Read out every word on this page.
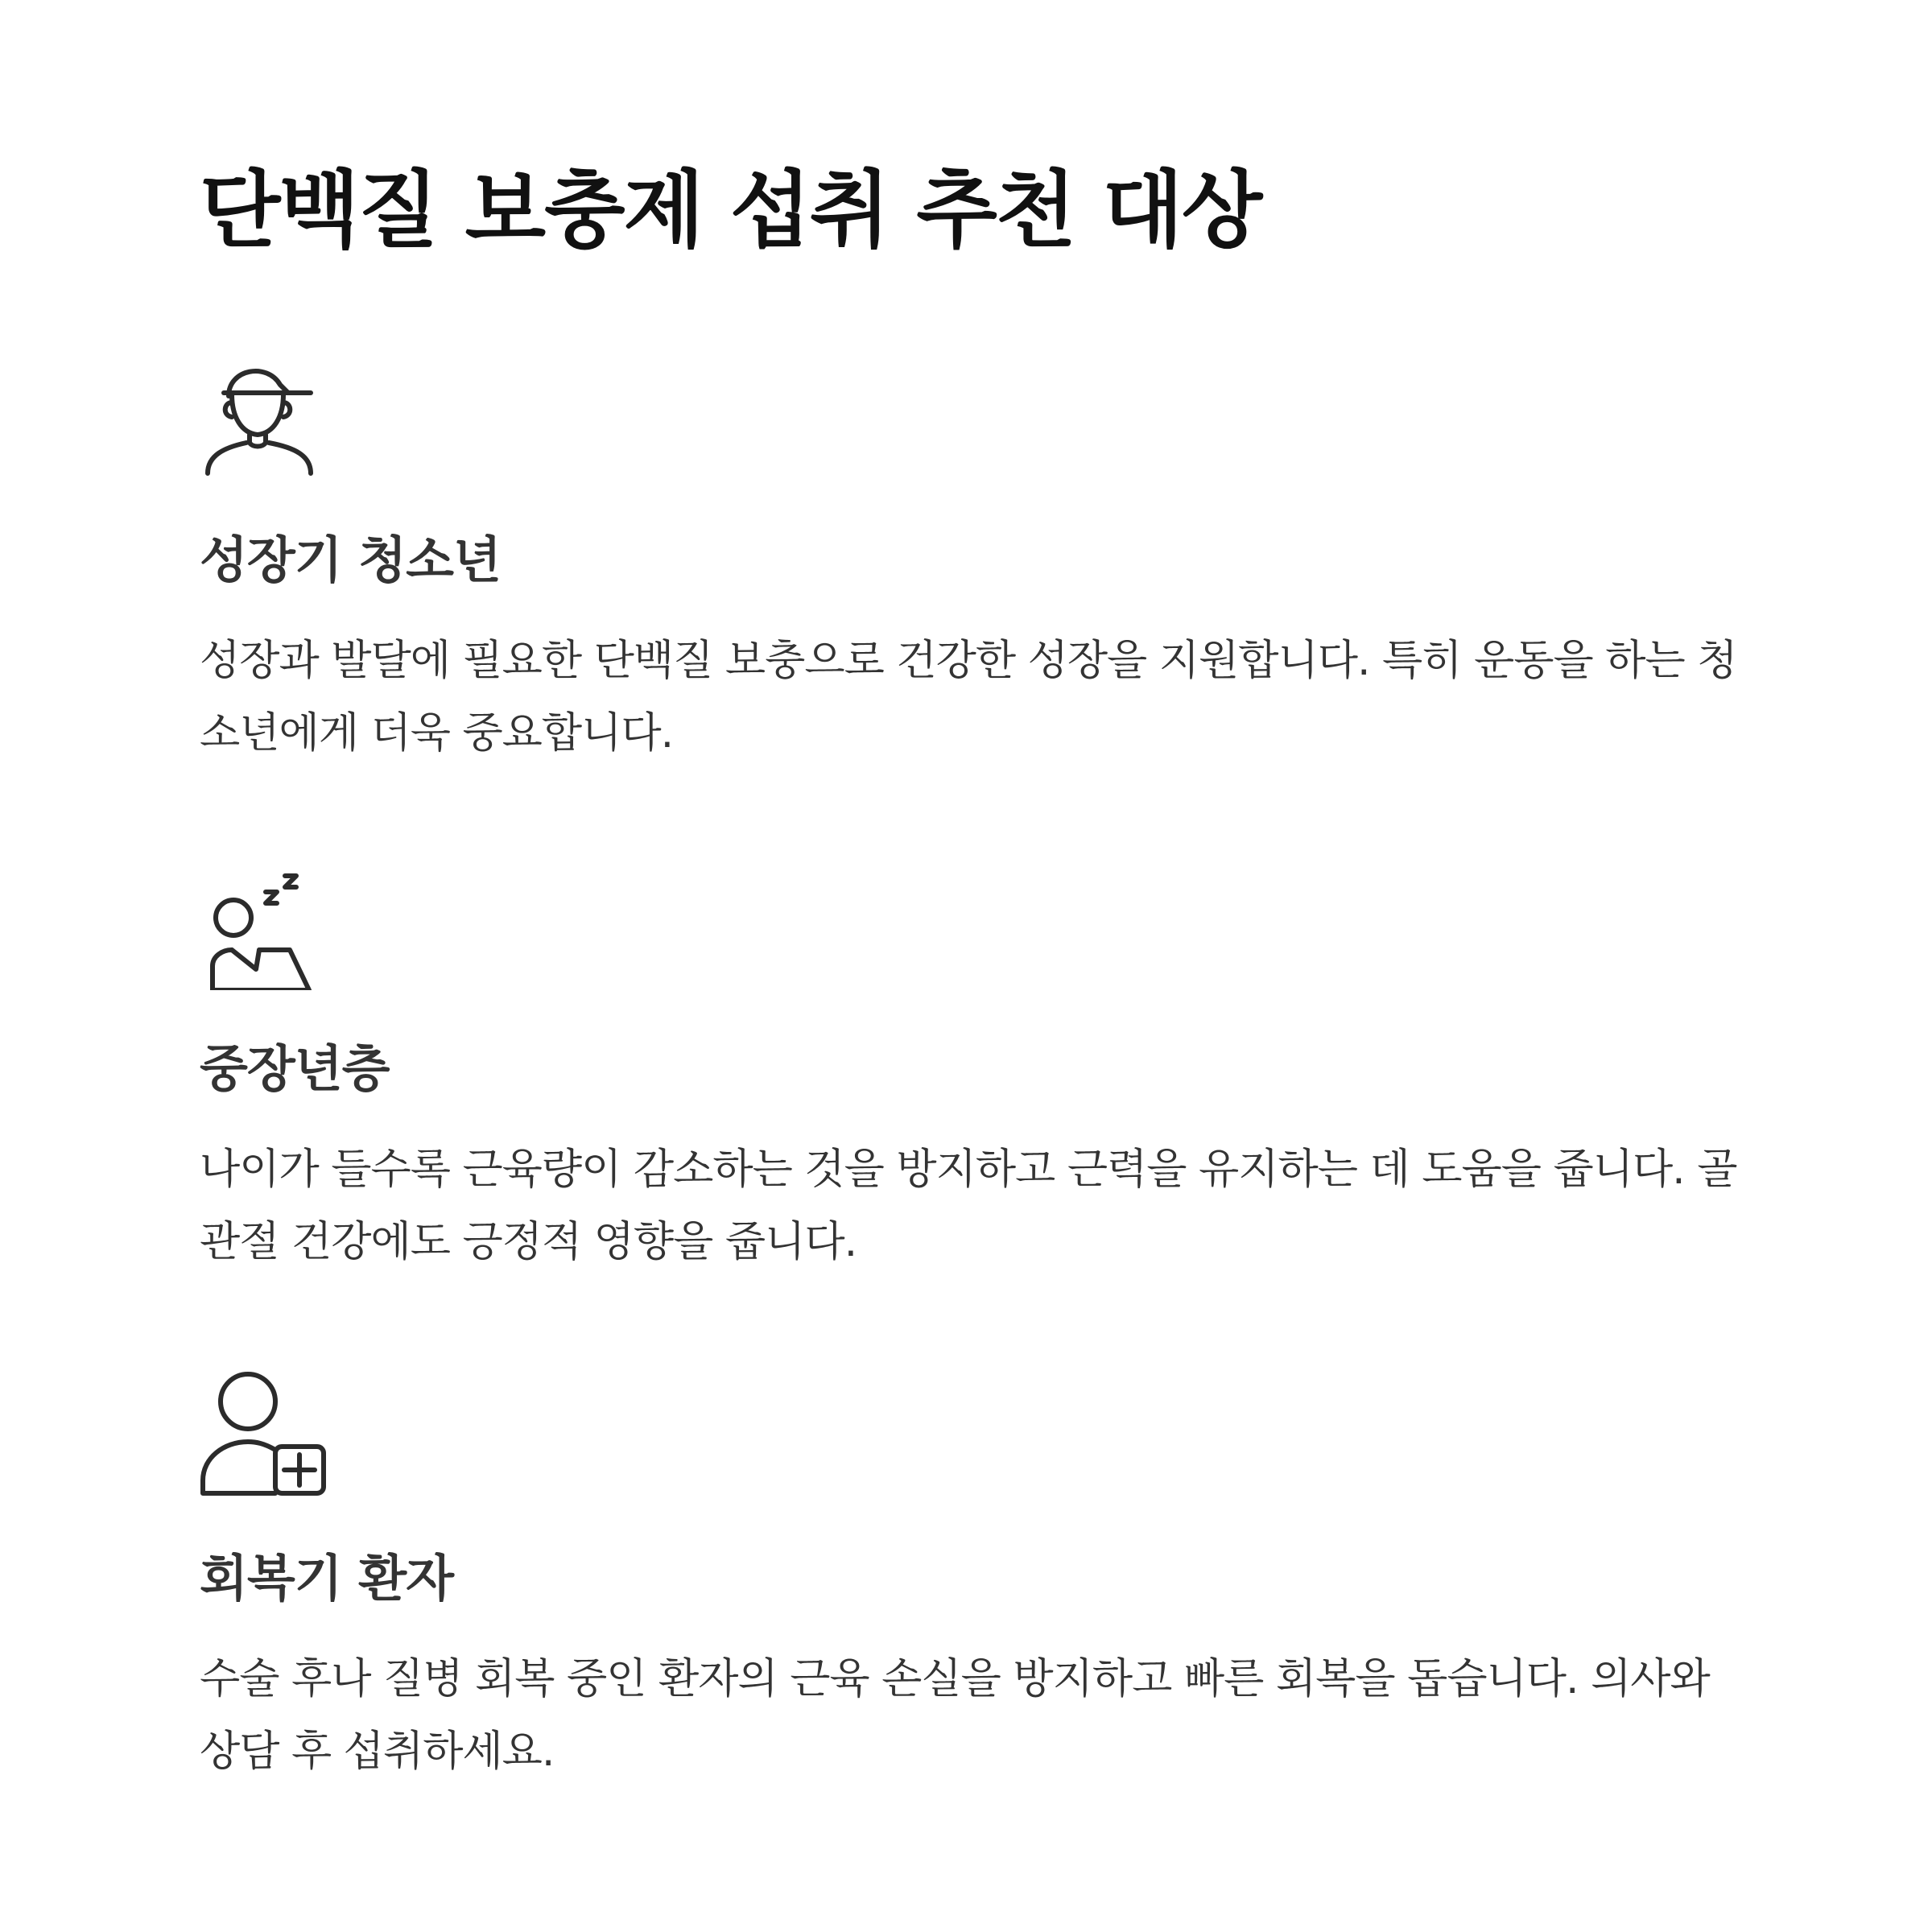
단백질 보충제 섭취 추천 대상
성장기 청소년

성장과 발달에 필요한 단백질 보충으로 건강한 성장을 지원합니다. 특히 운동을 하는 청소년에게 더욱 중요합니다.

중장년층

나이가 들수록 근육량이 감소하는 것을 방지하고 근력을 유지하는 데 도움을 줍니다. 골관절 건강에도 긍정적 영향을 줍니다.

회복기 환자

수술 후나 질병 회복 중인 환자의 근육 손실을 방지하고 빠른 회복을 돕습니다. 의사와 상담 후 섭취하세요.
